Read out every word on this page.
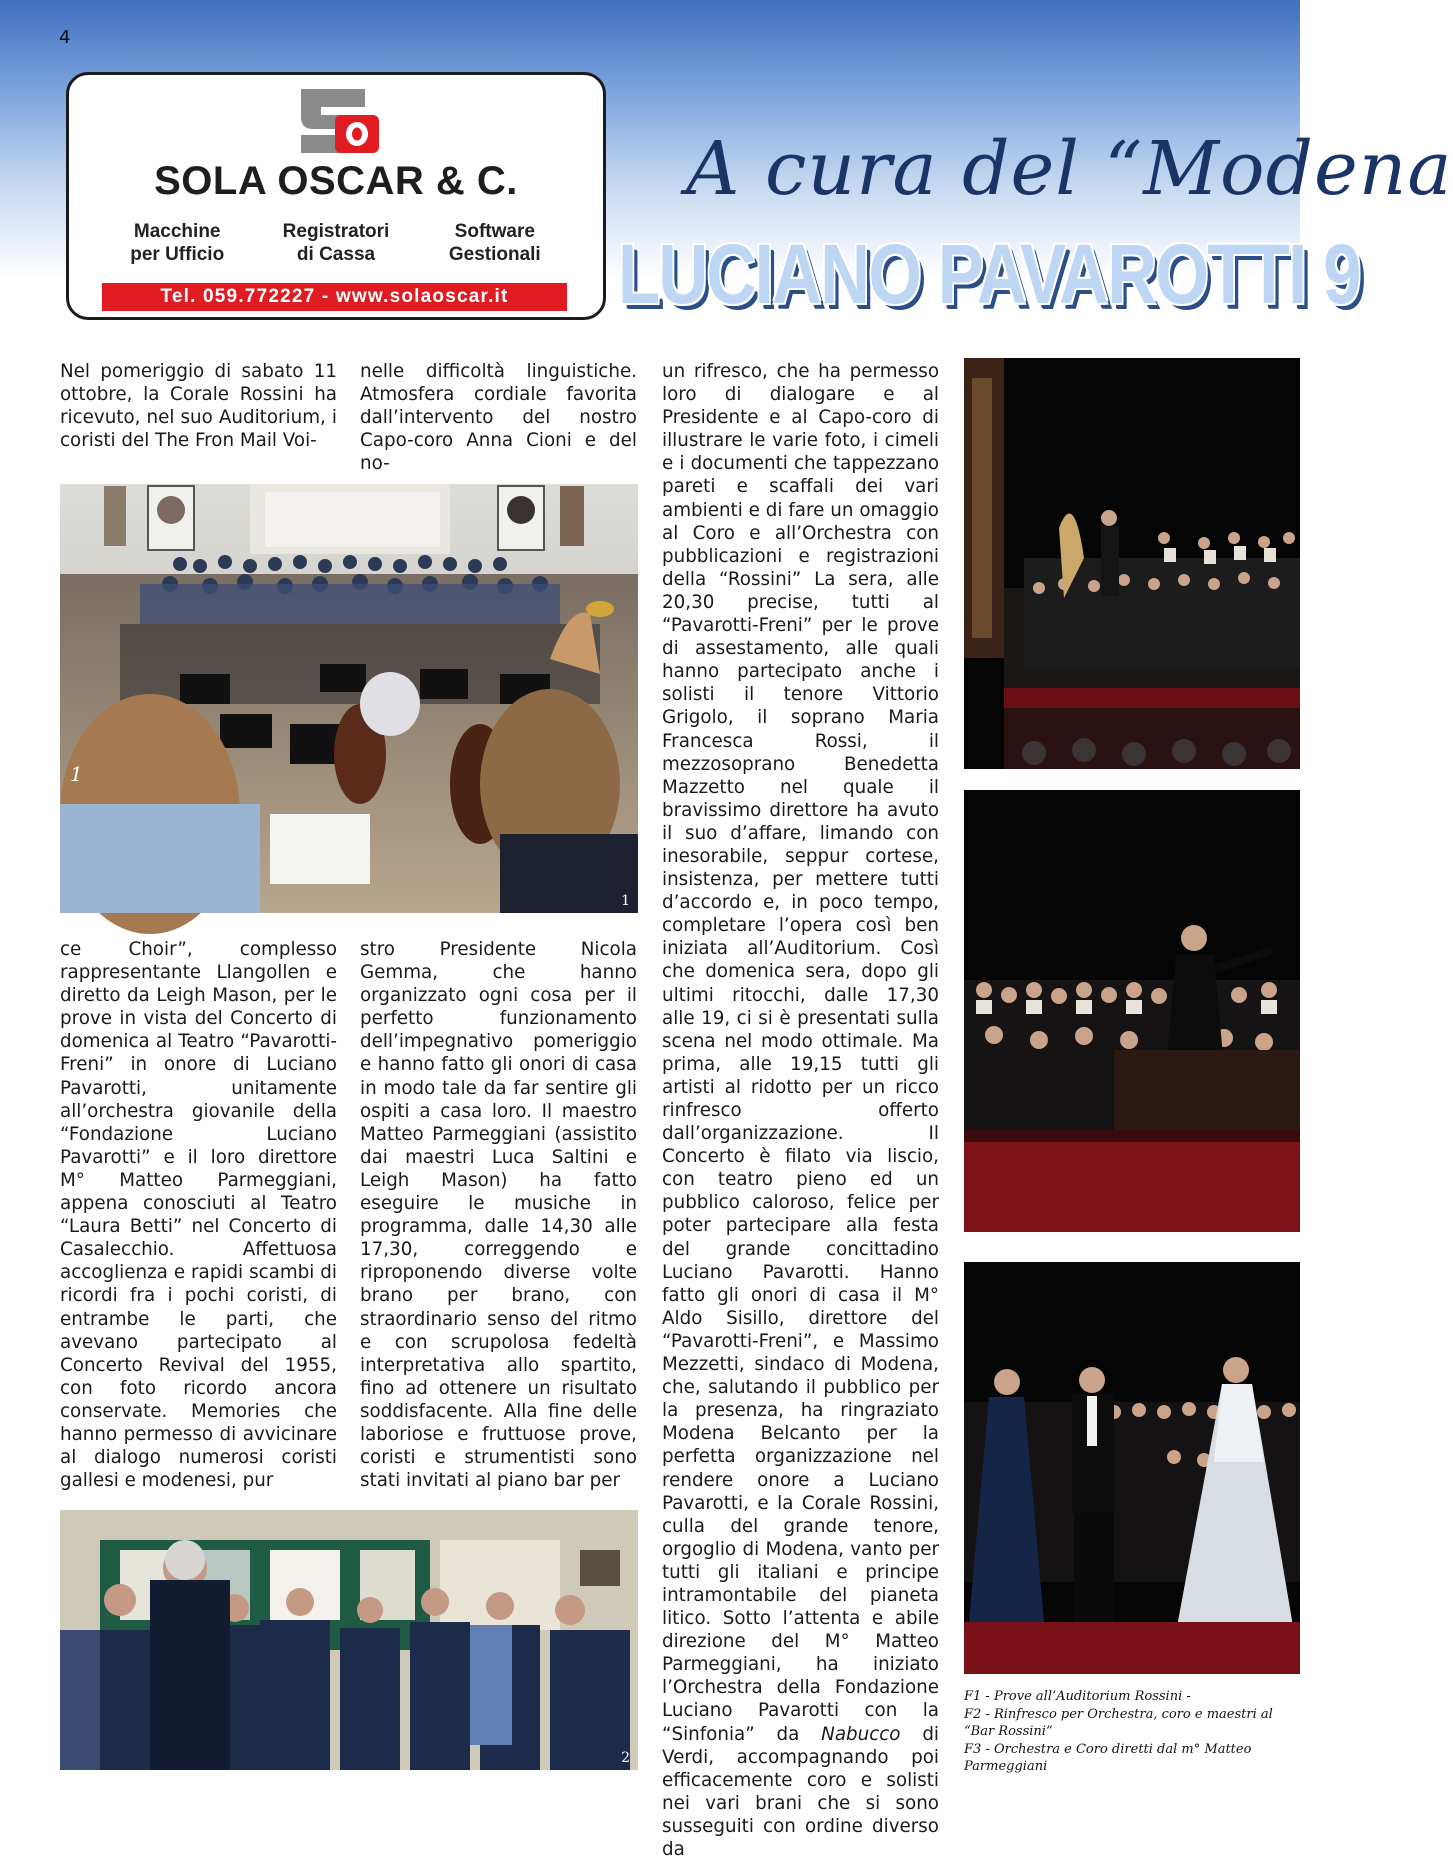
4
SOLA OSCAR & C.
Macchine
per Ufficio
Registratori
di Cassa
Software
Gestionali
Tel. 059.772227 - www.solaoscar.it
A cura del “Modena
LUCIANO PAVAROTTI 9
Nel pomeriggio di sabato 11 ottobre, la Corale Rossini ha ricevuto, nel suo Auditorium, i coristi del The Fron Mail Voi-
nelle difficoltà linguistiche. Atmosfera cordiale favorita dall’intervento del nostro Capo-coro Anna Cioni e del no-
1
1
ce Choir”, complesso rappresentante Llangollen e diretto da Leigh Mason, per le prove in vista del Concerto di domenica al Teatro “Pavarotti-Freni” in onore di Luciano Pavarotti, unitamente all’orchestra giovanile della “Fondazione Luciano Pavarotti” e il loro direttore M° Matteo Parmeggiani, appena conosciuti al Teatro “Laura Betti” nel Concerto di Casalecchio. Affettuosa accoglienza e rapidi scambi di ricordi fra i pochi coristi, di entrambe le parti, che avevano partecipato al Concerto Revival del 1955, con foto ricordo ancora conservate. Memories che hanno permesso di avvicinare al dialogo numerosi coristi gallesi e modenesi, pur
stro Presidente Nicola Gemma, che hanno organizzato ogni cosa per il perfetto funzionamento dell’impegnativo pomeriggio e hanno fatto gli onori di casa in modo tale da far sentire gli ospiti a casa loro. Il maestro Matteo Parmeggiani (assistito dai maestri Luca Saltini e Leigh Mason) ha fatto eseguire le musiche in programma, dalle 14,30 alle 17,30, correggendo e riproponendo diverse volte brano per brano, con straordinario senso del ritmo e con scrupolosa fedeltà interpretativa allo spartito, fino ad ottenere un risultato soddisfacente. Alla fine delle laboriose e fruttuose prove, coristi e strumentisti sono stati invitati al piano bar per
un rifresco, che ha permesso loro di dialogare e al Presidente e al Capo-coro di illustrare le varie foto, i cimeli e i documenti che tappezzano pareti e scaffali dei vari ambienti e di fare un omaggio al Coro e all’Orchestra con pubblicazioni e registrazioni della “Rossini” La sera, alle 20,30 precise, tutti al “Pavarotti-Freni” per le prove di assestamento, alle quali hanno partecipato anche i solisti il tenore Vittorio Grigolo, il soprano Maria Francesca Rossi, il mezzosoprano Benedetta Mazzetto nel quale il bravissimo direttore ha avuto il suo d’affare, limando con inesorabile, seppur cortese, insistenza, per mettere tutti d’accordo e, in poco tempo, completare l’opera così ben iniziata all’Auditorium. Così che domenica sera, dopo gli ultimi ritocchi, dalle 17,30 alle 19, ci si è presentati sulla scena nel modo ottimale. Ma prima, alle 19,15 tutti gli artisti al ridotto per un ricco rinfresco offerto dall’organizzazione. Il Concerto è filato via liscio, con teatro pieno ed un pubblico caloroso, felice per poter partecipare alla festa del grande concittadino Luciano Pavarotti. Hanno fatto gli onori di casa il M° Aldo Sisillo, direttore del “Pavarotti-Freni”, e Massimo Mezzetti, sindaco di Modena, che, salutando il pubblico per la presenza, ha ringraziato Modena Belcanto per la perfetta organizzazione nel rendere onore a Luciano Pavarotti, e la Corale Rossini, culla del grande tenore, orgoglio di Modena, vanto per tutti gli italiani e principe intramontabile del pianeta litico. Sotto l’attenta e abile direzione del M° Matteo Parmeggiani, ha iniziato l’Orchestra della Fondazione Luciano Pavarotti con la “Sinfonia” da Nabucco di Verdi, accompagnando poi efficacemente coro e solisti nei vari brani che si sono susseguiti con ordine diverso da
2
F1 - Prove all’Auditorium Rossini -
F2 - Rinfresco per Orchestra, coro e maestri al “Bar Rossini”
F3 - Orchestra e Coro diretti dal m° Matteo Parmeggiani
